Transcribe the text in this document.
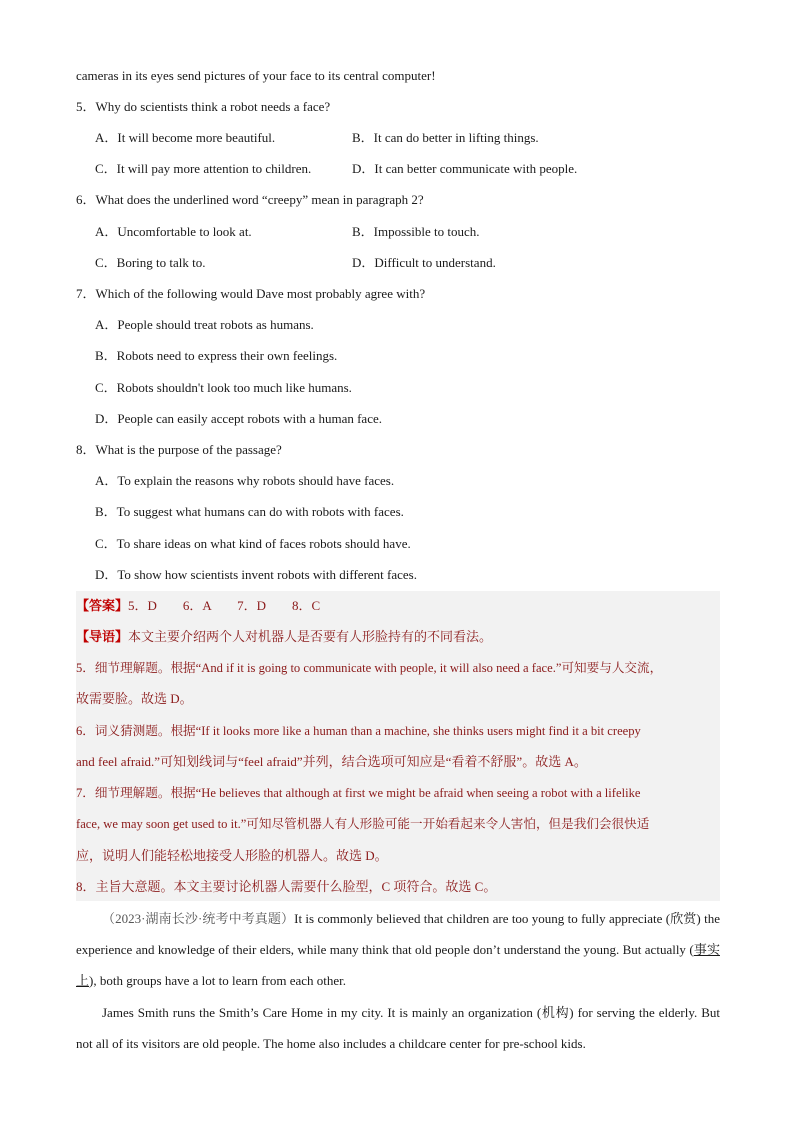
cameras in its eyes send pictures of your face to its central computer!
5．Why do scientists think a robot needs a face?
A．It will become more beautiful.	B．It can do better in lifting things.
C．It will pay more attention to children.	D．It can better communicate with people.
6．What does the underlined word “creepy” mean in paragraph 2?
A．Uncomfortable to look at.	B．Impossible to touch.
C．Boring to talk to.	D．Difficult to understand.
7．Which of the following would Dave most probably agree with?
A．People should treat robots as humans.
B．Robots need to express their own feelings.
C．Robots shouldn't look too much like humans.
D．People can easily accept robots with a human face.
8．What is the purpose of the passage?
A．To explain the reasons why robots should have faces.
B．To suggest what humans can do with robots with faces.
C．To share ideas on what kind of faces robots should have.
D．To show how scientists invent robots with different faces.
【答案】5．D　　6．A　　7．D　　8．C
【导语】本文主要介绍两个人对机器人是否要有人形脸持有的不同看法。
5．细节理解题。根据“And if it is going to communicate with people, it will also need a face.”可知要与人交流，
故需要脸。故选 D。
6．词义猜测题。根据“If it looks more like a human than a machine, she thinks users might find it a bit creepy
and feel afraid.”可知划线词与“feel afraid”并列，结合选项可知应是“看着不舒服”。故选 A。
7．细节理解题。根据“He believes that although at first we might be afraid when seeing a robot with a lifelike
face, we may soon get used to it.”可知尽管机器人有人形脸可能一开始看起来令人害怕，但是我们会很快适
应，说明人们能轻松地接受人形脸的机器人。故选 D。
8．主旨大意题。本文主要讨论机器人需要什么脸型，C 项符合。故选 C。
（2023·湖南长沙·统考中考真题）It is commonly believed that children are too young to fully appreciate (欣赏) the experience and knowledge of their elders, while many think that old people don’t understand the young. But actually (事实上), both groups have a lot to learn from each other.
James Smith runs the Smith’s Care Home in my city. It is mainly an organization (机构) for serving the elderly. But not all of its visitors are old people. The home also includes a childcare center for pre-school kids.
